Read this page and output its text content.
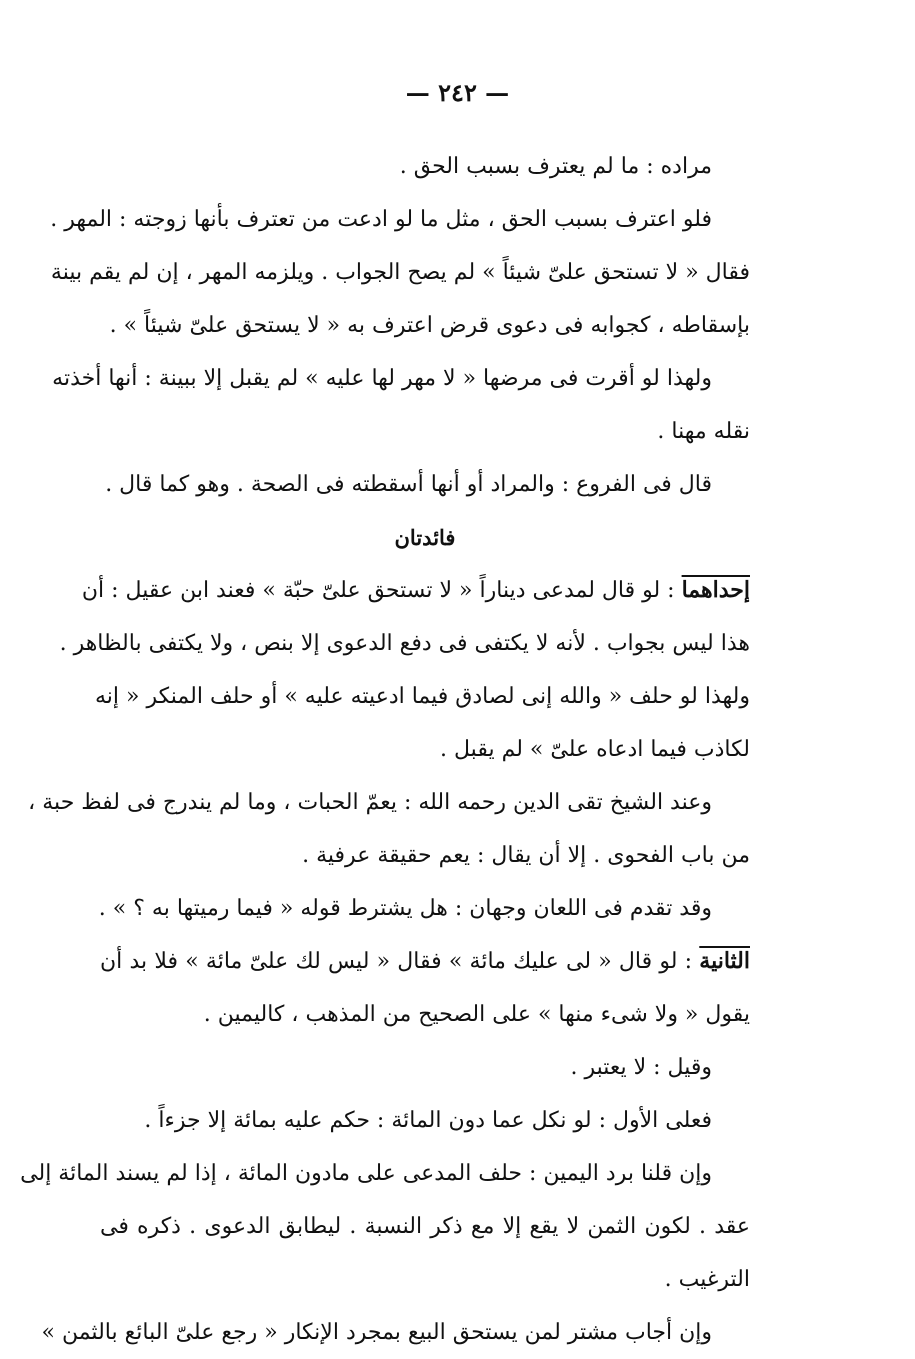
— ٢٤٢ —
مراده : ما لم يعترف بسبب الحق .
فلو اعترف بسبب الحق ، مثل ما لو ادعت من تعترف بأنها زوجته : المهر .
فقال « لا تستحق علىّ شيئاً » لم يصح الجواب . ويلزمه المهر ، إن لم يقم بينة
بإسقاطه ، كجوابه فى دعوى قرض اعترف به « لا يستحق علىّ شيئاً » .
ولهذا لو أقرت فى مرضها « لا مهر لها عليه » لم يقبل إلا ببينة : أنها أخذته
نقله مهنا .
قال فى الفروع : والمراد أو أنها أسقطته فى الصحة . وهو كما قال .
فائدتان
إحداهما : لو قال لمدعى ديناراً « لا تستحق علىّ حبّة » فعند ابن عقيل : أن
هذا ليس بجواب . لأنه لا يكتفى فى دفع الدعوى إلا بنص ، ولا يكتفى بالظاهر .
ولهذا لو حلف « والله إنى لصادق فيما ادعيته عليه » أو حلف المنكر « إنه
لكاذب فيما ادعاه علىّ » لم يقبل .
وعند الشيخ تقى الدين رحمه الله : يعمّ الحبات ، وما لم يندرج فى لفظ حبة ،
من باب الفحوى . إلا أن يقال : يعم حقيقة عرفية .
وقد تقدم فى اللعان وجهان : هل يشترط قوله « فيما رميتها به ؟ » .
الثانية : لو قال « لى عليك مائة » فقال « ليس لك علىّ مائة » فلا بد أن
يقول « ولا شىء منها » على الصحيح من المذهب ، كاليمين .
وقيل : لا يعتبر .
فعلى الأول : لو نكل عما دون المائة : حكم عليه بمائة إلا جزءاً .
وإن قلنا برد اليمين : حلف المدعى على مادون المائة ، إذا لم يسند المائة إلى
عقد . لكون الثمن لا يقع إلا مع ذكر النسبة . ليطابق الدعوى . ذكره فى
الترغيب .
وإن أجاب مشتر لمن يستحق البيع بمجرد الإنكار « رجع علىّ البائع بالثمن »
